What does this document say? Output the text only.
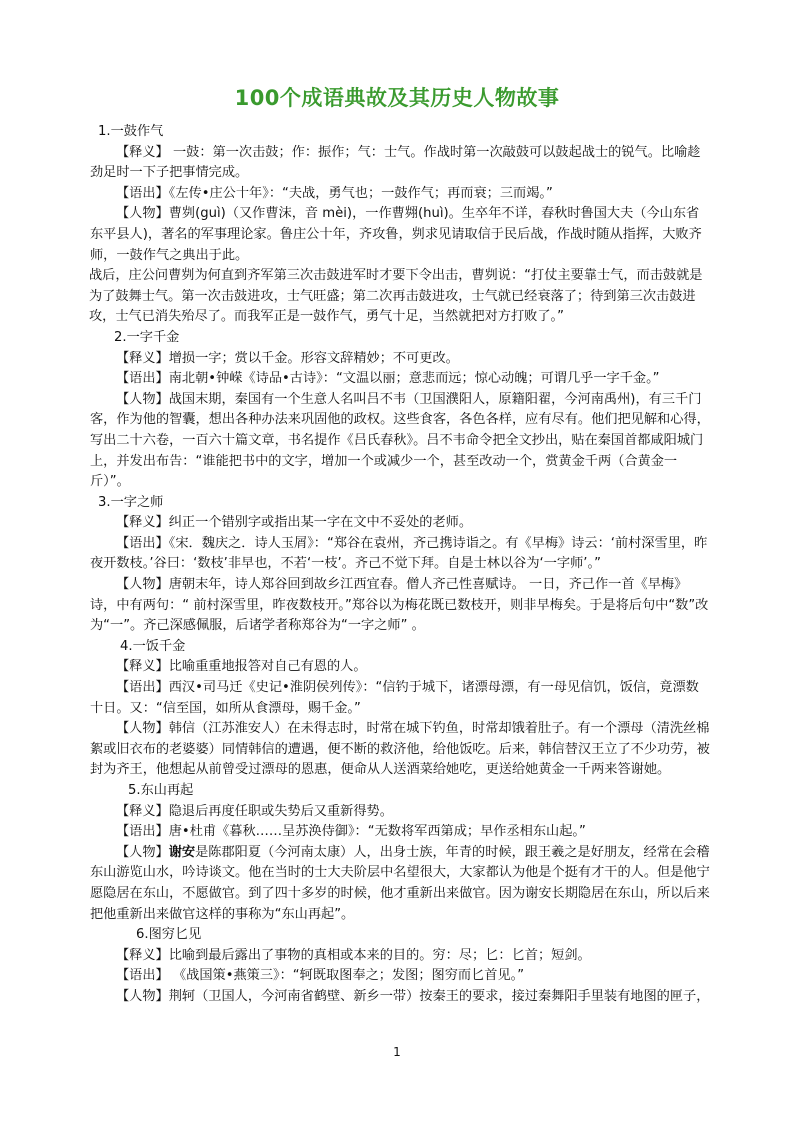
100个成语典故及其历史人物故事

1.一鼓作气

【释义】 一鼓：第一次击鼓；作：振作；气：士气。作战时第一次敲鼓可以鼓起战士的锐气。比喻趁劲足时一下子把事情完成。

【语出】《左传•庄公十年》：“夫战，勇气也；一鼓作气；再而衰；三而竭。”

【人物】曹刿(guì)（又作曹沫，音 mèi)，一作曹翙(huì)。生卒年不详，春秋时鲁国大夫（今山东省东平县人)，著名的军事理论家。鲁庄公十年，齐攻鲁，刿求见请取信于民后战，作战时随从指挥，大败齐师，一鼓作气之典出于此。

战后，庄公问曹刿为何直到齐军第三次击鼓进军时才要下令出击，曹刿说：“打仗主要靠士气，而击鼓就是为了鼓舞士气。第一次击鼓进攻，士气旺盛；第二次再击鼓进攻，士气就已经衰落了；待到第三次击鼓进攻，士气已消失殆尽了。而我军正是一鼓作气，勇气十足，当然就把对方打败了。”

2.一字千金

【释义】增损一字；赏以千金。形容文辞精妙；不可更改。

【语出】南北朝•钟嵘《诗品•古诗》：“文温以丽；意悲而远；惊心动魄；可谓几乎一字千金。”

【人物】战国末期，秦国有一个生意人名叫吕不韦（卫国濮阳人，原籍阳翟，今河南禹州)，有三千门客，作为他的智囊，想出各种办法来巩固他的政权。这些食客，各色各样，应有尽有。他们把见解和心得，写出二十六卷，一百六十篇文章，书名提作《吕氏春秋》。吕不韦命令把全文抄出，贴在秦国首都咸阳城门上，并发出布告：“谁能把书中的文字，增加一个或减少一个，甚至改动一个，赏黄金千两（合黄金一斤）”。

3.一字之师

【释义】纠正一个错别字或指出某一字在文中不妥处的老师。

【语出】《宋．魏庆之．诗人玉屑》：“郑谷在袁州，齐己携诗诣之。有《早梅》诗云：‘前村深雪里，昨夜开数枝。’谷曰：‘数枝’非早也，不若‘一枝’。齐己不觉下拜。自是士林以谷为‘一字师’。”

【人物】唐朝末年，诗人郑谷回到故乡江西宜春。僧人齐己性喜赋诗。 一日，齐己作一首《早梅》诗，中有两句：“ 前村深雪里，昨夜数枝开。”郑谷以为梅花既已数枝开，则非早梅矣。于是将后句中“数”改为“一”。齐己深感佩服，后诸学者称郑谷为“一字之师” 。

4.一饭千金

【释义】比喻重重地报答对自己有恩的人。

【语出】西汉•司马迁《史记•淮阴侯列传》：“信钓于城下，诸漂母漂，有一母见信饥，饭信，竟漂数十日。又：“信至国，如所从食漂母，赐千金。”

【人物】韩信（江苏淮安人）在未得志时，时常在城下钓鱼，时常却饿着肚子。有一个漂母（清洗丝棉絮或旧衣布的老婆婆）同情韩信的遭遇，便不断的救济他，给他饭吃。后来，韩信替汉王立了不少功劳，被封为齐王，他想起从前曾受过漂母的恩惠，便命从人送酒菜给她吃，更送给她黄金一千两来答谢她。

5.东山再起

【释义】隐退后再度任职或失势后又重新得势。

【语出】唐•杜甫《暮秋……呈苏涣侍御》：“无数将军西第成；早作丞相东山起。”

【人物】谢安是陈郡阳夏（今河南太康）人，出身士族，年青的时候，跟王羲之是好朋友，经常在会稽东山游览山水，吟诗谈文。他在当时的士大夫阶层中名望很大，大家都认为他是个挺有才干的人。但是他宁愿隐居在东山，不愿做官。到了四十多岁的时候，他才重新出来做官。因为谢安长期隐居在东山，所以后来把他重新出来做官这样的事称为“东山再起”。

6.图穷匕见

【释义】比喻到最后露出了事物的真相或本来的目的。穷：尽；匕：匕首；短剑。

【语出】 《战国策•燕策三》：“轲既取图奉之；发图；图穷而匕首见。”

【人物】荆轲（卫国人，今河南省鹤壁、新乡一带）按秦王的要求，接过秦舞阳手里装有地图的匣子，

1
